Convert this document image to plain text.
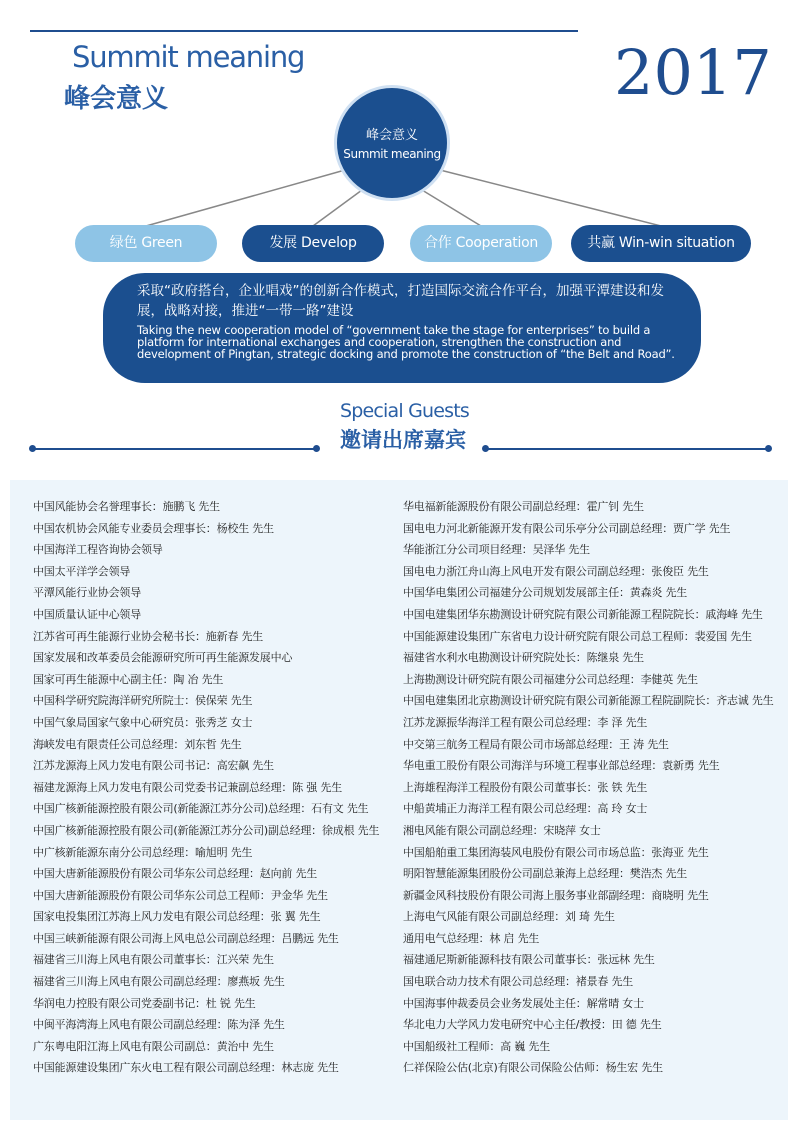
Summit meaning
峰会意义	2017
峰会意义
Summit meaning
绿色 Green	发展 Develop	合作 Cooperation	共赢 Win-win situation
采取“政府搭台，企业唱戏”的创新合作模式，打造国际交流合作平台，加强平潭建设和发展，战略对接，推进“一带一路”建设
Taking the new cooperation model of “government take the stage for enterprises” to build a platform for international exchanges and cooperation, strengthen the construction and development of Pingtan, strategic docking and promote the construction of “the Belt and Road”.
Special Guests
邀请出席嘉宾
中国风能协会名誉理事长：施鹏飞 先生
中国农机协会风能专业委员会理事长：杨校生 先生
中国海洋工程咨询协会领导
中国太平洋学会领导
平潭风能行业协会领导
中国质量认证中心领导
江苏省可再生能源行业协会秘书长：施新春 先生
国家发展和改革委员会能源研究所可再生能源发展中心
国家可再生能源中心副主任：陶 冶 先生
中国科学研究院海洋研究所院士：侯保荣 先生
中国气象局国家气象中心研究员：张秀芝 女士
海峡发电有限责任公司总经理：刘东哲 先生
江苏龙源海上风力发电有限公司书记：高宏飙 先生
福建龙源海上风力发电有限公司党委书记兼副总经理：陈 强 先生
中国广核新能源控股有限公司(新能源江苏分公司)总经理：石有文 先生
中国广核新能源控股有限公司(新能源江苏分公司)副总经理：徐成根 先生
中广核新能源东南分公司总经理：喻旭明 先生
中国大唐新能源股份有限公司华东公司总经理：赵向前 先生
中国大唐新能源股份有限公司华东公司总工程师：尹金华 先生
国家电投集团江苏海上风力发电有限公司总经理：张 翼 先生
中国三峡新能源有限公司海上风电总公司副总经理：吕鹏远 先生
福建省三川海上风电有限公司董事长：江兴荣 先生
福建省三川海上风电有限公司副总经理：廖燕坂 先生
华润电力控股有限公司党委副书记：杜 锐 先生
中闽平海湾海上风电有限公司副总经理：陈为泽 先生
广东粤电阳江海上风电有限公司副总：黄治中 先生
中国能源建设集团广东火电工程有限公司副总经理：林志庞 先生
华电福新能源股份有限公司副总经理：霍广钊 先生
国电电力河北新能源开发有限公司乐亭分公司副总经理：贾广学 先生
华能浙江分公司项目经理：吴泽华 先生
国电电力浙江舟山海上风电开发有限公司副总经理：张俊臣 先生
中国华电集团公司福建分公司规划发展部主任：黄森炎 先生
中国电建集团华东勘测设计研究院有限公司新能源工程院院长：戚海峰 先生
中国能源建设集团广东省电力设计研究院有限公司总工程师：裴爱国 先生
福建省水利水电勘测设计研究院处长：陈继泉 先生
上海勘测设计研究院有限公司福建分公司总经理：李健英 先生
中国电建集团北京勘测设计研究院有限公司新能源工程院副院长：齐志诚 先生
江苏龙源振华海洋工程有限公司总经理：李 泽 先生
中交第三航务工程局有限公司市场部总经理：王 涛 先生
华电重工股份有限公司海洋与环境工程事业部总经理：袁新勇 先生
上海雄程海洋工程股份有限公司董事长：张 铁 先生
中船黄埔正力海洋工程有限公司总经理：高 玲 女士
湘电风能有限公司副总经理：宋晓萍 女士
中国船舶重工集团海装风电股份有限公司市场总监：张海亚 先生
明阳智慧能源集团股份公司副总兼海上总经理：樊浩杰 先生
新疆金风科技股份有限公司海上服务事业部副经理：商晓明 先生
上海电气风能有限公司副总经理：刘 琦 先生
通用电气总经理：林 启 先生
福建通尼斯新能源科技有限公司董事长：张远林 先生
国电联合动力技术有限公司总经理：褚景春 先生
中国海事仲裁委员会业务发展处主任：解常晴 女士
华北电力大学风力发电研究中心主任/教授：田 德 先生
中国船级社工程师：高 巍 先生
仁祥保险公估(北京)有限公司保险公估师：杨生宏 先生
